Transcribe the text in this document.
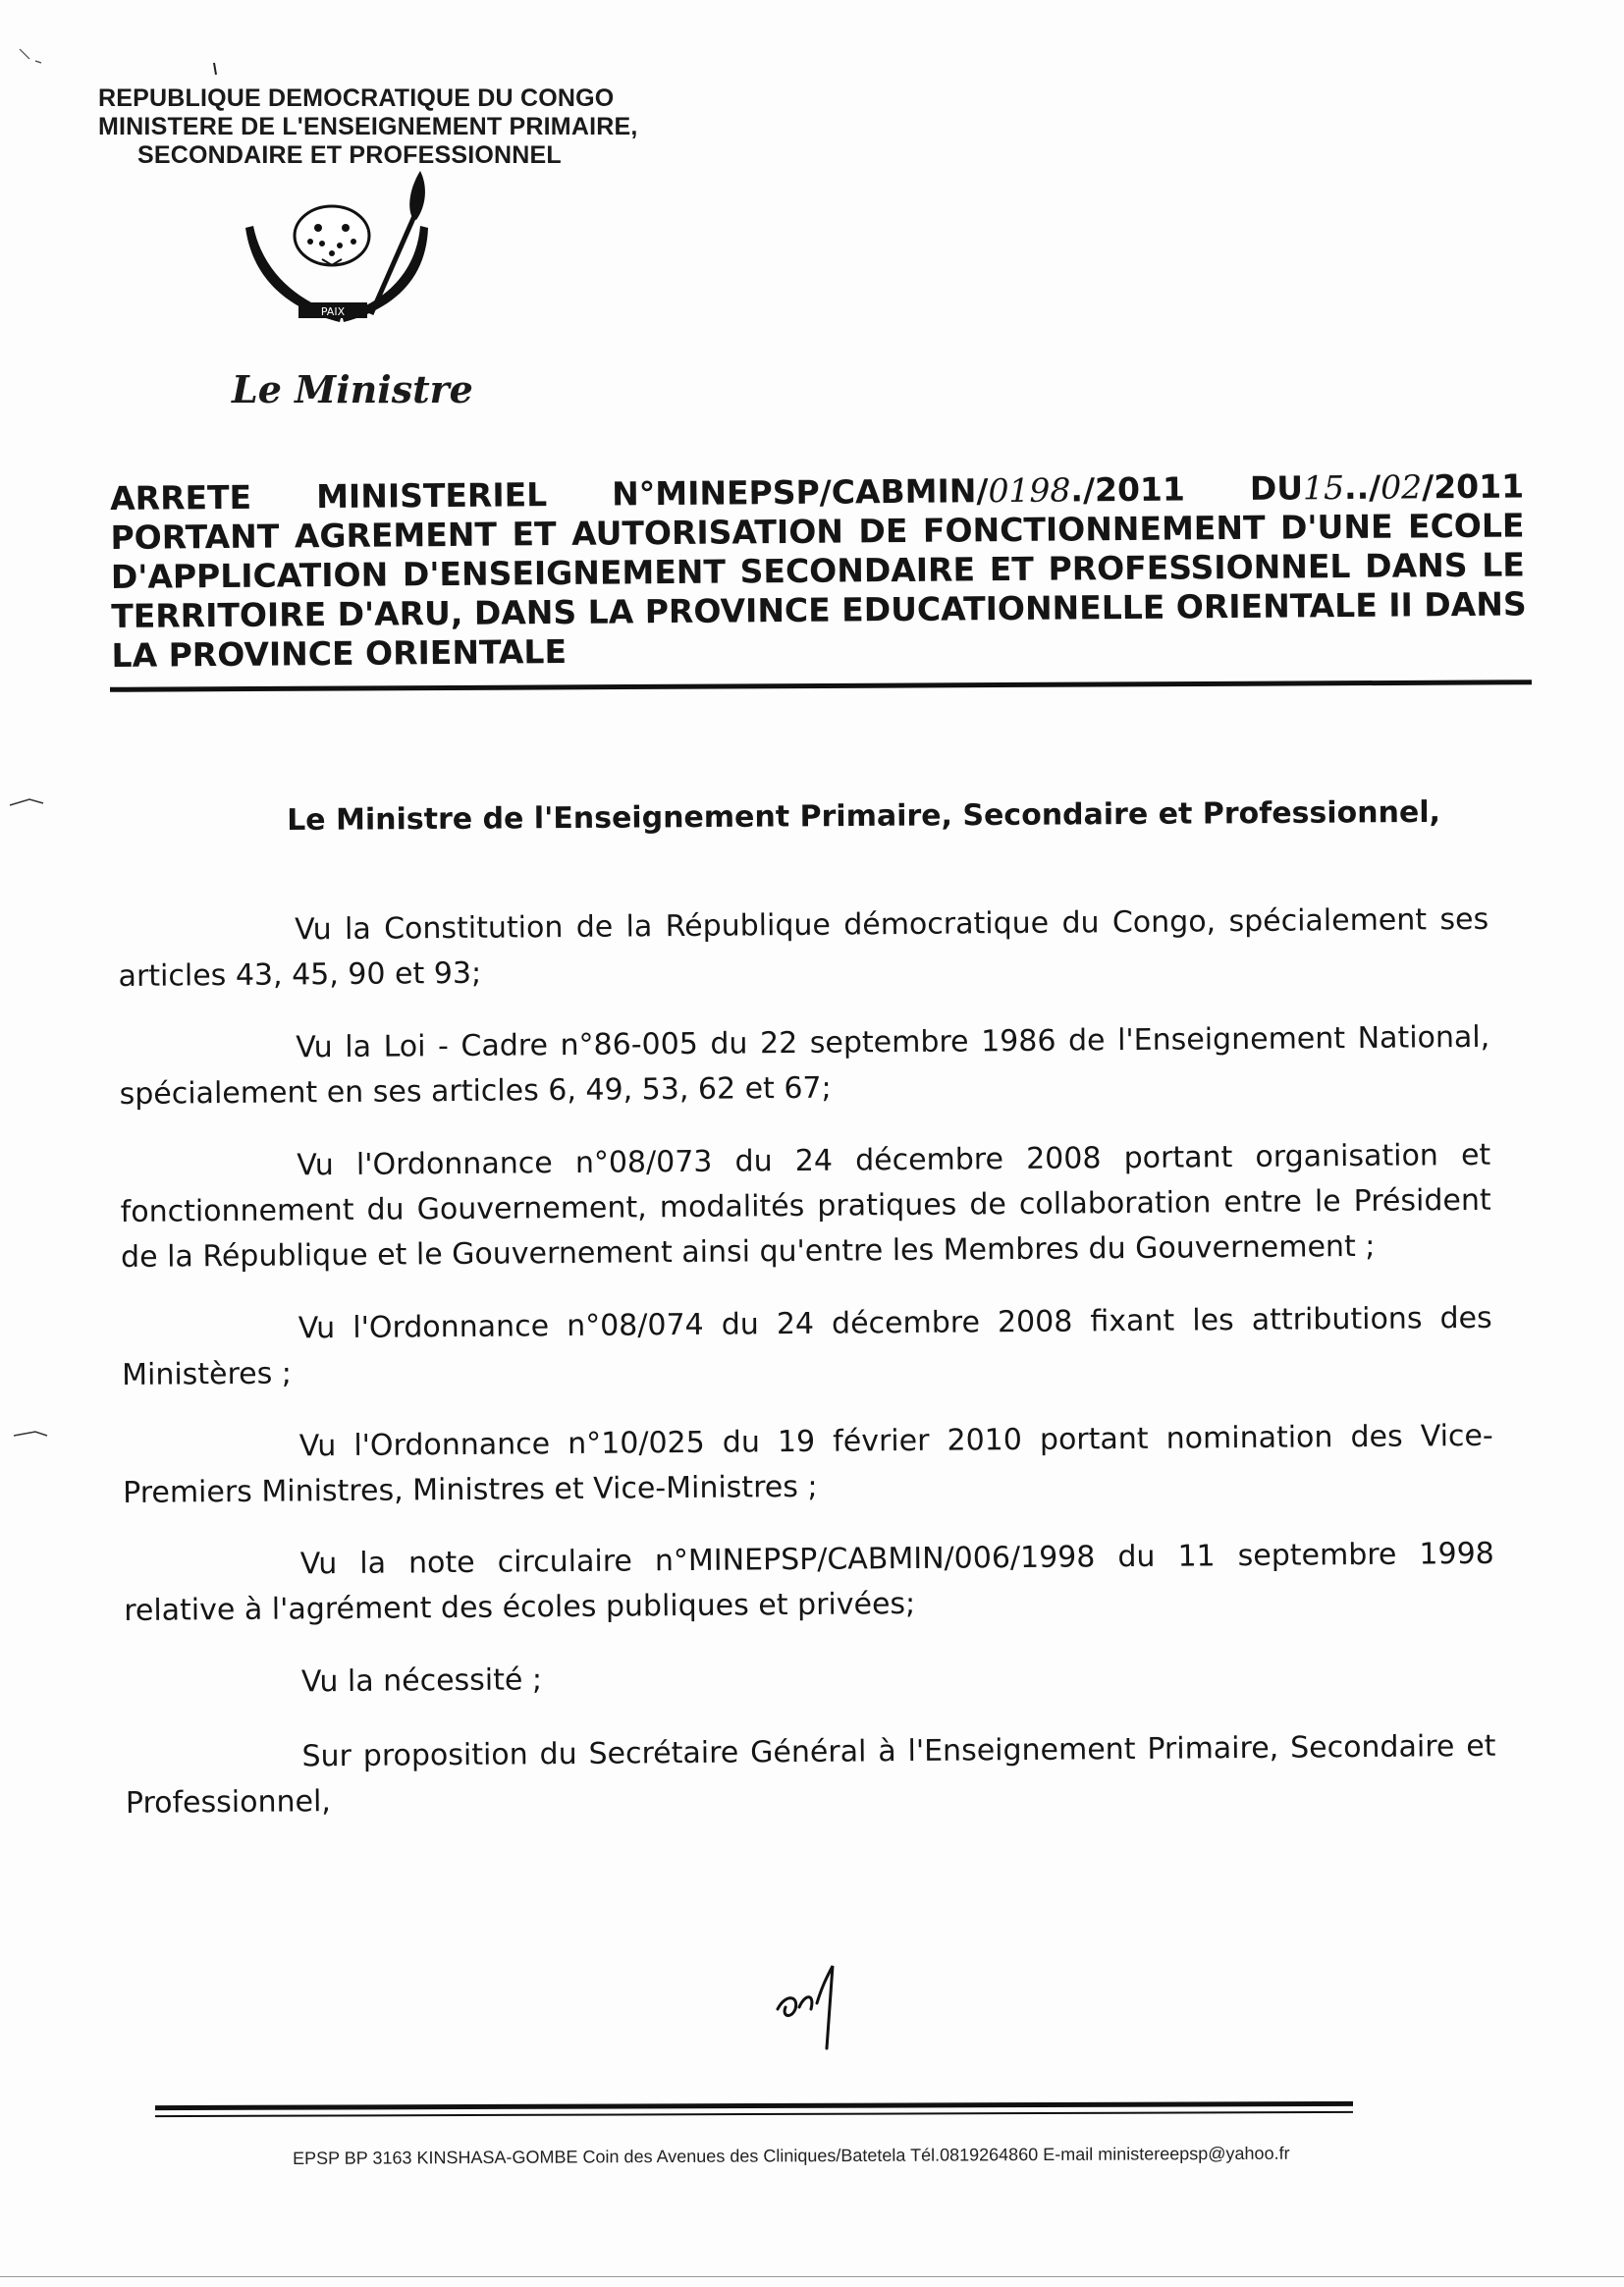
REPUBLIQUE DEMOCRATIQUE DU CONGO
MINISTERE DE L'ENSEIGNEMENT PRIMAIRE,
SECONDAIRE ET PROFESSIONNEL
PAIX
Le Ministre
ARRETE MINISTERIEL N°MINEPSP/CABMIN/0198./2011 DU15../02/2011
PORTANT AGREMENT ET AUTORISATION DE FONCTIONNEMENT D'UNE ECOLE
D'APPLICATION D'ENSEIGNEMENT SECONDAIRE ET PROFESSIONNEL DANS LE
TERRITOIRE D'ARU, DANS LA PROVINCE EDUCATIONNELLE ORIENTALE II DANS
LA PROVINCE ORIENTALE
Le Ministre de l'Enseignement Primaire, Secondaire et Professionnel,

Vu la Constitution de la République démocratique du Congo, spécialement ses articles 43, 45, 90 et 93;

Vu la Loi - Cadre n°86-005 du 22 septembre 1986 de l'Enseignement National, spécialement en ses articles 6, 49, 53, 62 et 67;

Vu l'Ordonnance n°08/073 du 24 décembre 2008 portant organisation et fonctionnement du Gouvernement, modalités pratiques de collaboration entre le Président de la République et le Gouvernement ainsi qu'entre les Membres du Gouvernement ;

Vu l'Ordonnance n°08/074 du 24 décembre 2008 fixant les attributions des Ministères ;

Vu l'Ordonnance n°10/025 du 19 février 2010 portant nomination des Vice-Premiers Ministres, Ministres et Vice-Ministres ;

Vu la note circulaire n°MINEPSP/CABMIN/006/1998 du 11 septembre 1998 relative à l'agrément des écoles publiques et privées;

Vu la nécessité ;

Sur proposition du Secrétaire Général à l'Enseignement Primaire, Secondaire et Professionnel,

EPSP BP 3163 KINSHASA-GOMBE Coin des Avenues des Cliniques/Batetela Tél.0819264860 E-mail ministereepsp@yahoo.fr
